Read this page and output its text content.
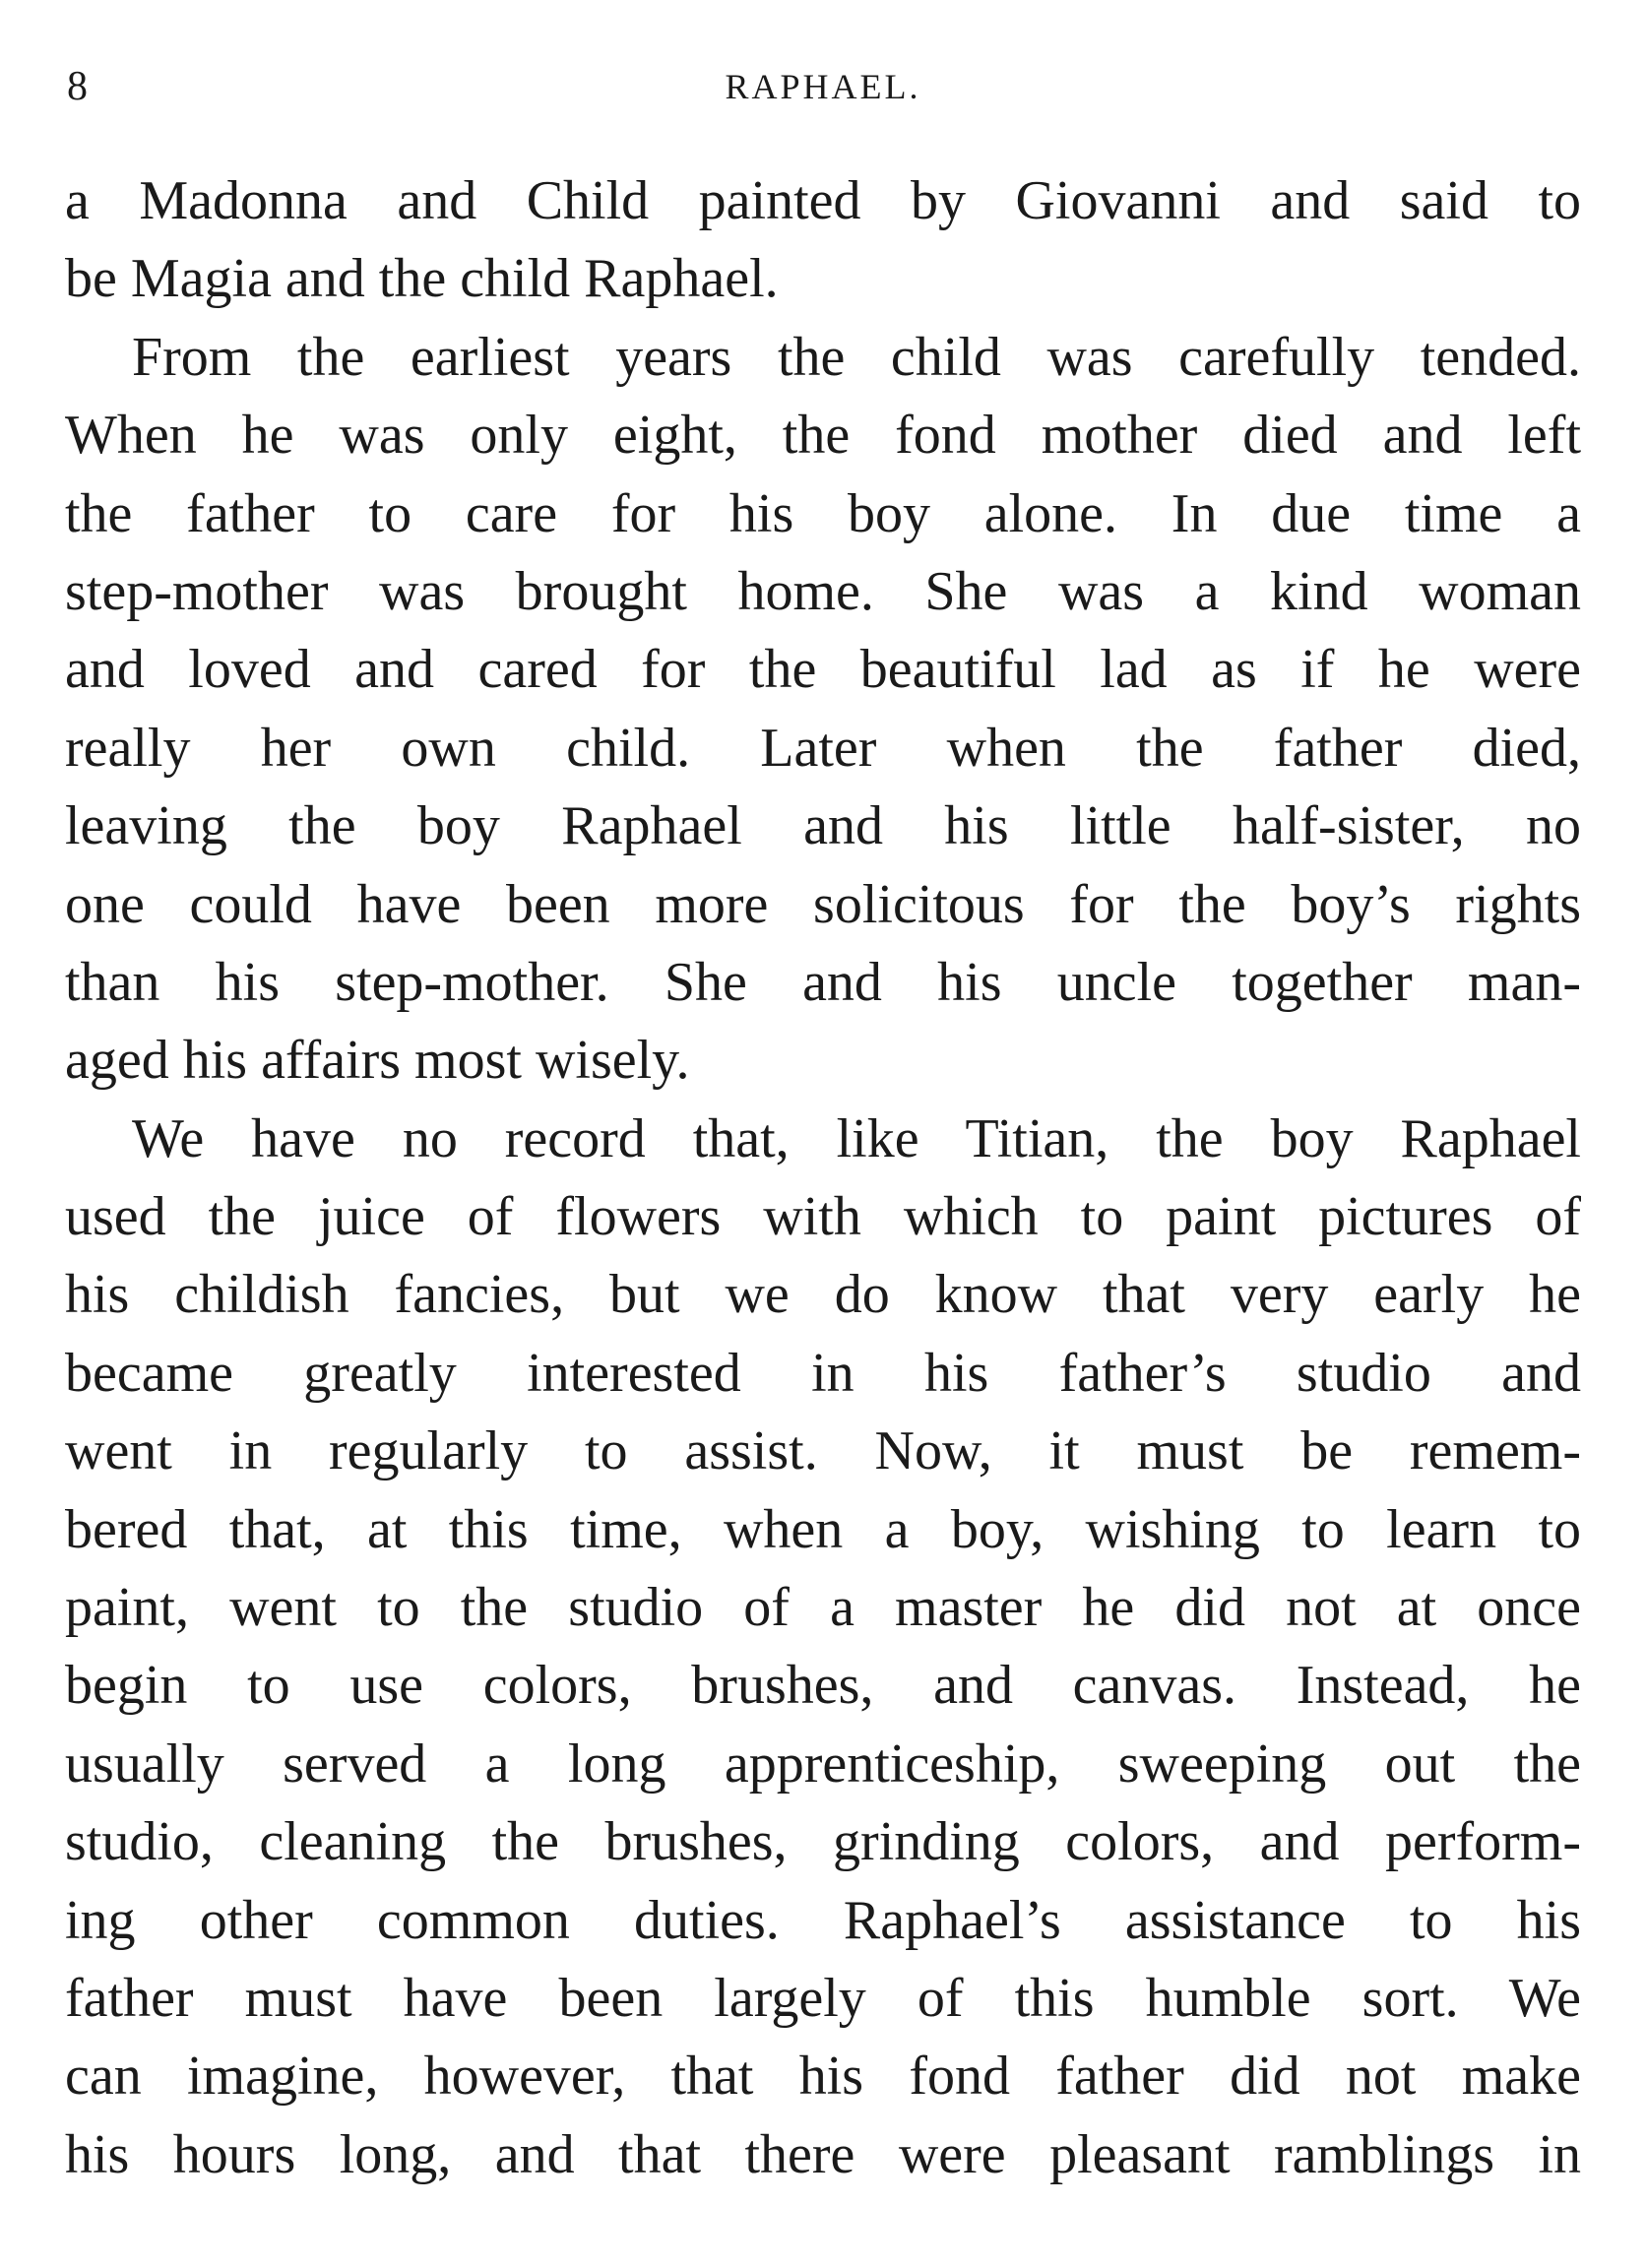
8	RAPHAEL.
a Madonna and Child painted by Giovanni and said to
be Magia and the child Raphael.
From the earliest years the child was carefully tended.
When he was only eight, the fond mother died and left
the father to care for his boy alone. In due time a
step-mother was brought home. She was a kind woman
and loved and cared for the beautiful lad as if he were
really her own child. Later when the father died,
leaving the boy Raphael and his little half-sister, no
one could have been more solicitous for the boy’s rights
than his step-mother. She and his uncle together man-
aged his affairs most wisely.
We have no record that, like Titian, the boy Raphael
used the juice of flowers with which to paint pictures of
his childish fancies, but we do know that very early he
became greatly interested in his father’s studio and
went in regularly to assist. Now, it must be remem-
bered that, at this time, when a boy, wishing to learn to
paint, went to the studio of a master he did not at once
begin to use colors, brushes, and canvas. Instead, he
usually served a long apprenticeship, sweeping out the
studio, cleaning the brushes, grinding colors, and perform-
ing other common duties. Raphael’s assistance to his
father must have been largely of this humble sort. We
can imagine, however, that his fond father did not make
his hours long, and that there were pleasant ramblings in
